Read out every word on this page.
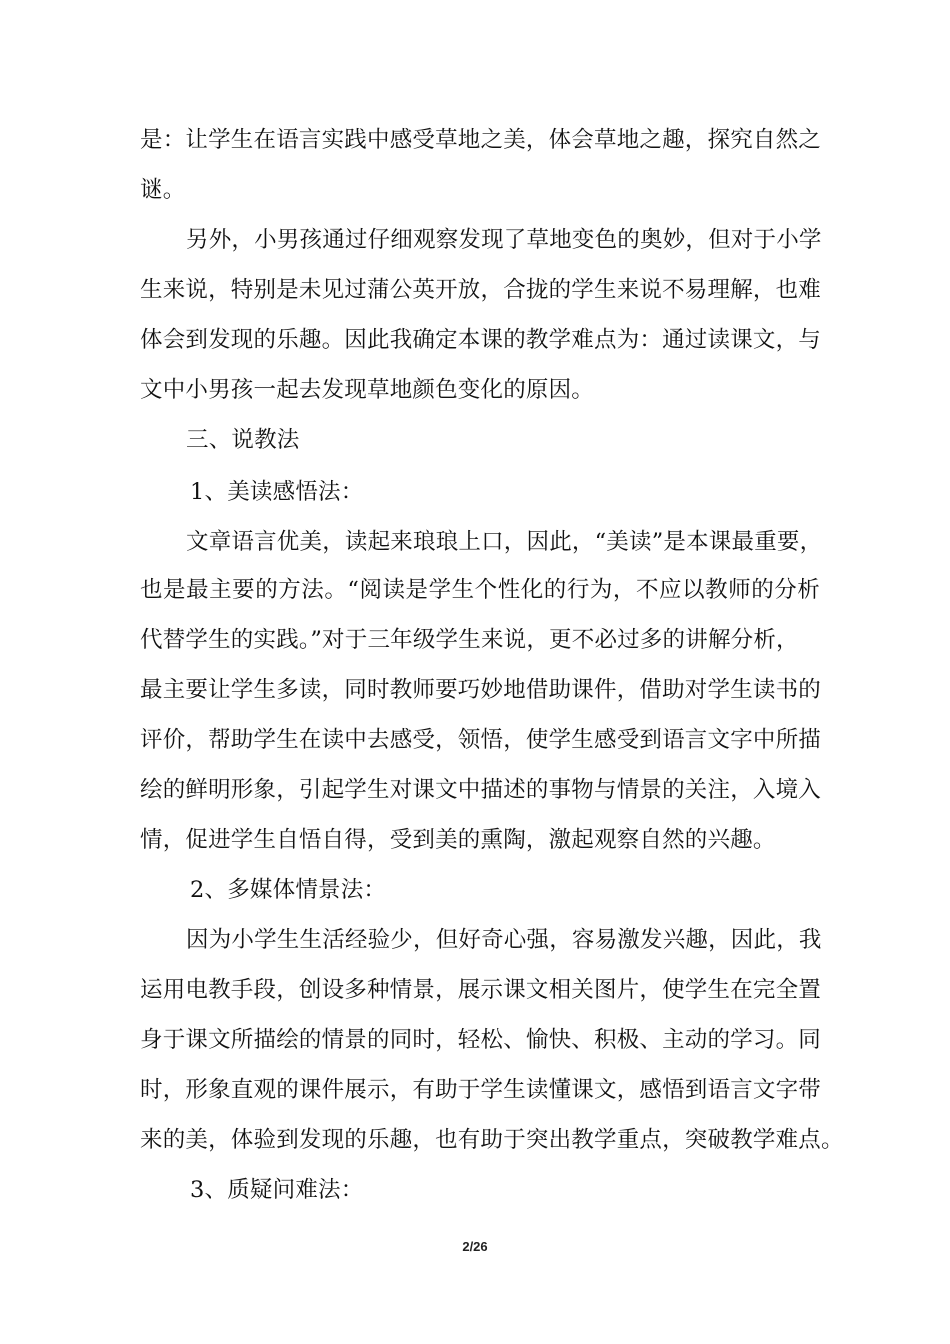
是：让学生在语言实践中感受草地之美，体会草地之趣，探究自然之
谜。
另外，小男孩通过仔细观察发现了草地变色的奥妙，但对于小学
生来说，特别是未见过蒲公英开放，合拢的学生来说不易理解，也难
体会到发现的乐趣。因此我确定本课的教学难点为：通过读课文，与
文中小男孩一起去发现草地颜色变化的原因。
三、说教法
1、美读感悟法：
文章语言优美，读起来琅琅上口，因此，“美读”是本课最重要，
也是最主要的方法。“阅读是学生个性化的行为，不应以教师的分析
代替学生的实践。”对于三年级学生来说，更不必过多的讲解分析，
最主要让学生多读，同时教师要巧妙地借助课件，借助对学生读书的
评价，帮助学生在读中去感受，领悟，使学生感受到语言文字中所描
绘的鲜明形象，引起学生对课文中描述的事物与情景的关注，入境入
情，促进学生自悟自得，受到美的熏陶，激起观察自然的兴趣。
2、多媒体情景法：
因为小学生生活经验少，但好奇心强，容易激发兴趣，因此，我
运用电教手段，创设多种情景，展示课文相关图片，使学生在完全置
身于课文所描绘的情景的同时，轻松、愉快、积极、主动的学习。同
时，形象直观的课件展示，有助于学生读懂课文，感悟到语言文字带
来的美，体验到发现的乐趣，也有助于突出教学重点，突破教学难点。
3、质疑问难法：
2/26
